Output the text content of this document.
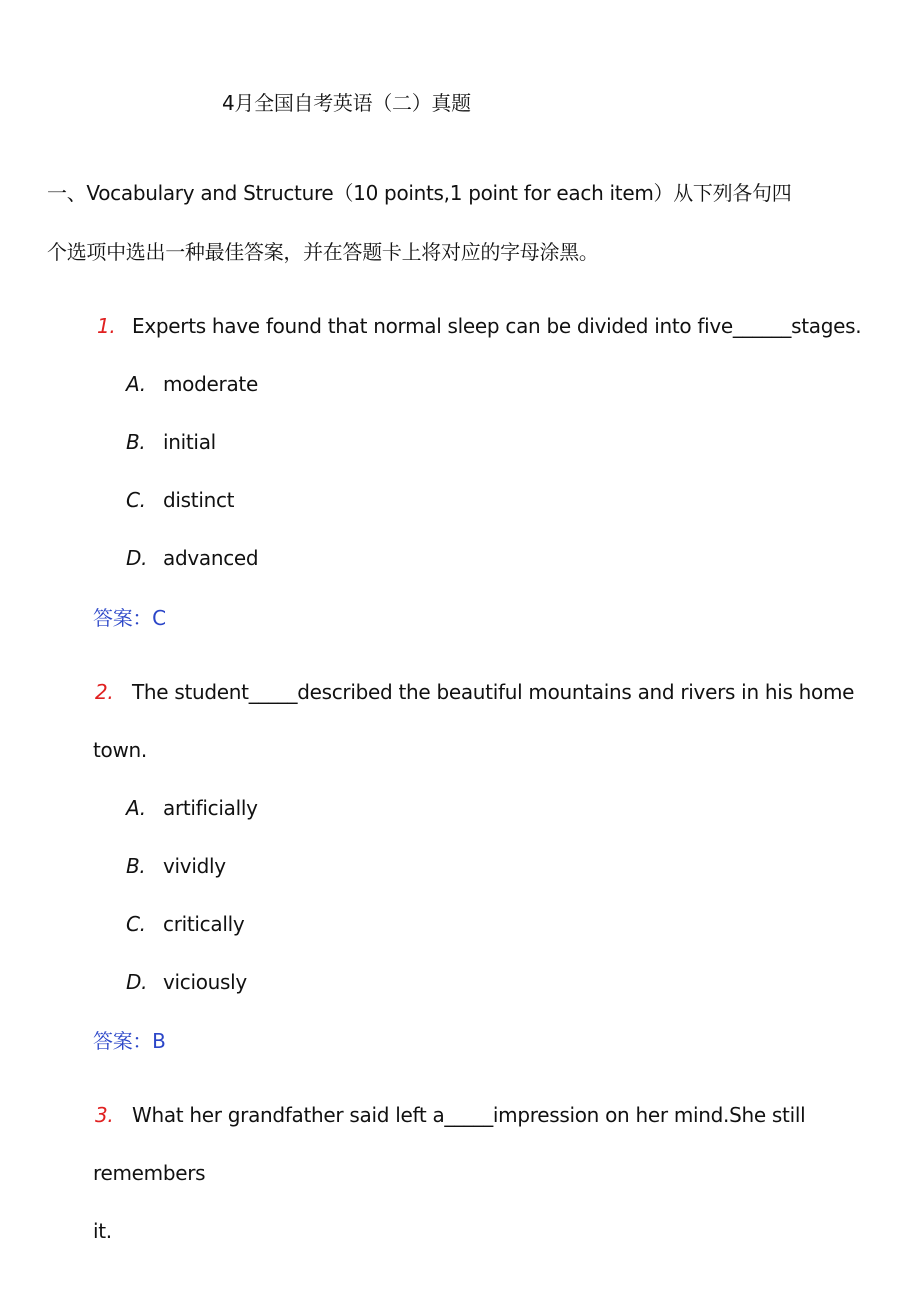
4月全国自考英语（二）真题
一、Vocabulary and Structure（10 points,1 point for each item）从下列各句四
个选项中选出一种最佳答案，并在答题卡上将对应的字母涂黑。
1. Experts have found that normal sleep can be divided into five______stages.
A. moderate
B. initial
C. distinct
D. advanced
答案：C
2. The student_____described the beautiful mountains and rivers in his home
town.
A. artificially
B. vividly
C. critically
D. viciously
答案：B
3. What her grandfather said left a_____impression on her mind.She still
remembers
it.
